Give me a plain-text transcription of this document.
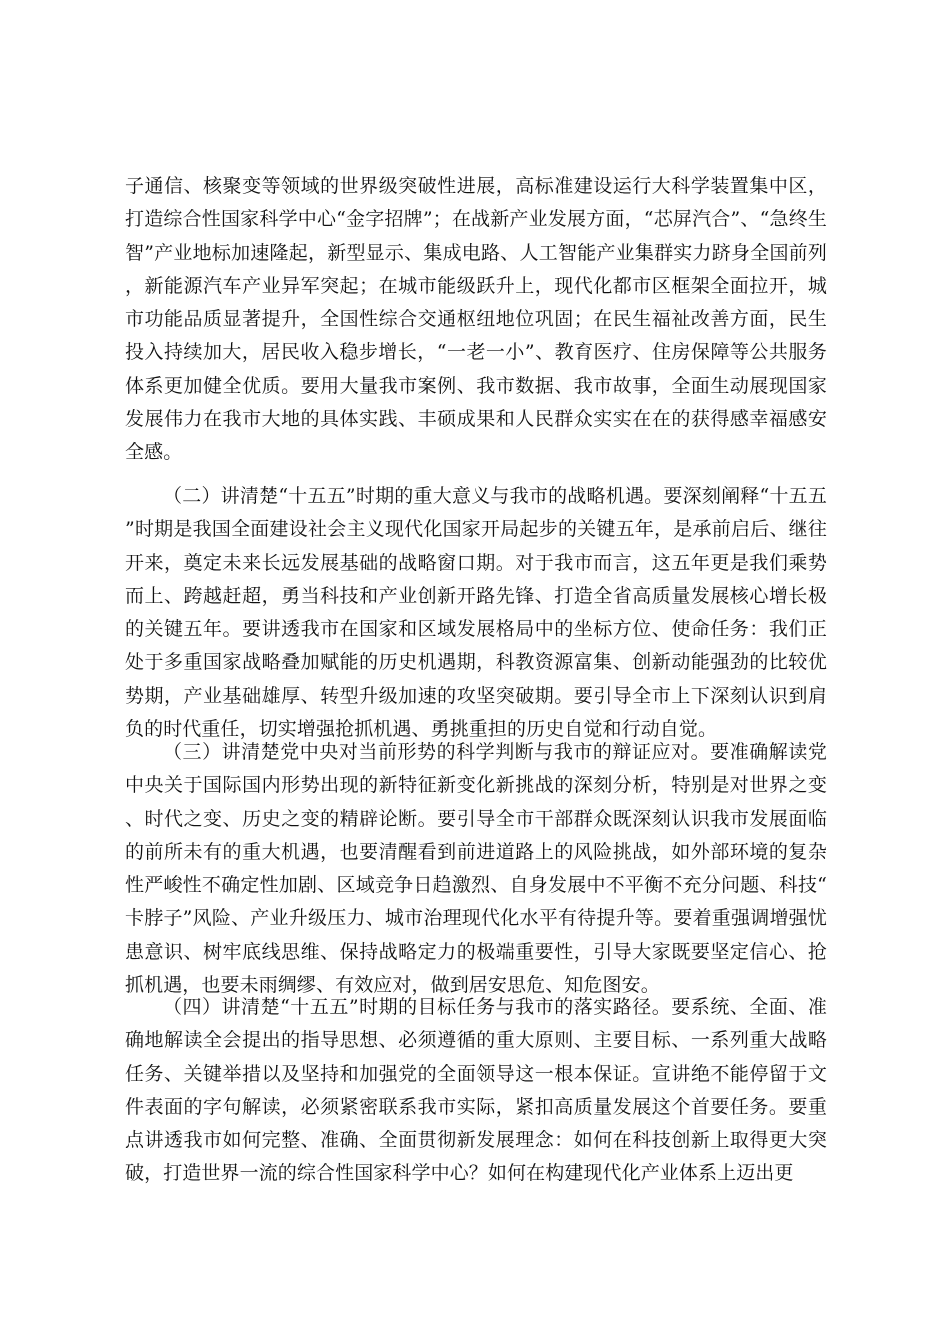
子通信、核聚变等领域的世界级突破性进展，高标准建设运行大科学装置集中区，打造综合性国家科学中心“金字招牌”；在战新产业发展方面，“芯屏汽合”、“急终生智”产业地标加速隆起，新型显示、集成电路、人工智能产业集群实力跻身全国前列，新能源汽车产业异军突起；在城市能级跃升上，现代化都市区框架全面拉开，城市功能品质显著提升，全国性综合交通枢纽地位巩固；在民生福祉改善方面，民生投入持续加大，居民收入稳步增长，“一老一小”、教育医疗、住房保障等公共服务体系更加健全优质。要用大量我市案例、我市数据、我市故事，全面生动展现国家发展伟力在我市大地的具体实践、丰硕成果和人民群众实实在在的获得感幸福感安全感。

（二）讲清楚“十五五”时期的重大意义与我市的战略机遇。要深刻阐释“十五五”时期是我国全面建设社会主义现代化国家开局起步的关键五年，是承前启后、继往开来，奠定未来长远发展基础的战略窗口期。对于我市而言，这五年更是我们乘势而上、跨越赶超，勇当科技和产业创新开路先锋、打造全省高质量发展核心增长极的关键五年。要讲透我市在国家和区域发展格局中的坐标方位、使命任务：我们正处于多重国家战略叠加赋能的历史机遇期，科教资源富集、创新动能强劲的比较优势期，产业基础雄厚、转型升级加速的攻坚突破期。要引导全市上下深刻认识到肩负的时代重任，切实增强抢抓机遇、勇挑重担的历史自觉和行动自觉。

（三）讲清楚党中央对当前形势的科学判断与我市的辩证应对。要准确解读党中央关于国际国内形势出现的新特征新变化新挑战的深刻分析，特别是对世界之变、时代之变、历史之变的精辟论断。要引导全市干部群众既深刻认识我市发展面临的前所未有的重大机遇，也要清醒看到前进道路上的风险挑战，如外部环境的复杂性严峻性不确定性加剧、区域竞争日趋激烈、自身发展中不平衡不充分问题、科技“卡脖子”风险、产业升级压力、城市治理现代化水平有待提升等。要着重强调增强忧患意识、树牢底线思维、保持战略定力的极端重要性，引导大家既要坚定信心、抢抓机遇，也要未雨绸缪、有效应对，做到居安思危、知危图安。

（四）讲清楚“十五五”时期的目标任务与我市的落实路径。要系统、全面、准确地解读全会提出的指导思想、必须遵循的重大原则、主要目标、一系列重大战略任务、关键举措以及坚持和加强党的全面领导这一根本保证。宣讲绝不能停留于文件表面的字句解读，必须紧密联系我市实际，紧扣高质量发展这个首要任务。要重点讲透我市如何完整、准确、全面贯彻新发展理念：如何在科技创新上取得更大突破，打造世界一流的综合性国家科学中心？如何在构建现代化产业体系上迈出更
